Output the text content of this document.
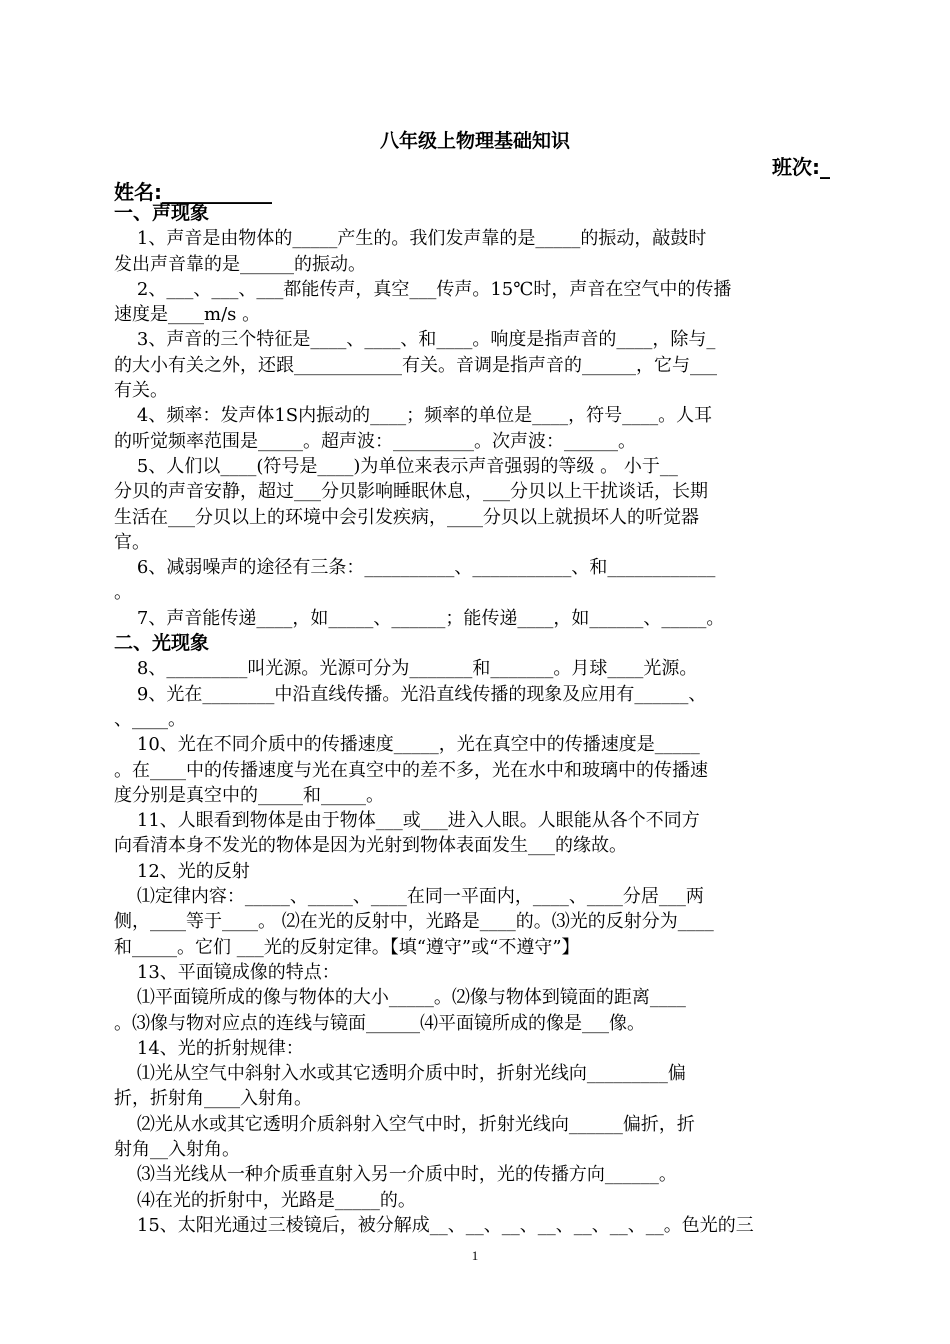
八年级上物理基础知识
班次:_
姓名:___________

一、声现象

1、声音是由物体的_____产生的。我们发声靠的是_____的振动，敲鼓时

发出声音靠的是______的振动。

2、___、___、___都能传声，真空___传声。15℃时，声音在空气中的传播

速度是____m/s 。

3、声音的三个特征是____、____、和____。响度是指声音的____，除与_

的大小有关之外，还跟____________有关。音调是指声音的______，它与___

有关。

4、频率：发声体1S内振动的____；频率的单位是____，符号____。人耳

的听觉频率范围是_____。超声波：_________。次声波：______。

5、人们以____(符号是____)为单位来表示声音强弱的等级 。 小于__

分贝的声音安静，超过___分贝影响睡眠休息，___分贝以上干扰谈话，长期

生活在___分贝以上的环境中会引发疾病，____分贝以上就损坏人的听觉器

官。

6、减弱噪声的途径有三条：__________、___________、和____________

。

7、声音能传递____，如_____、______；能传递____，如______、_____。

二、光现象

8、_________叫光源。光源可分为_______和_______。月球____光源。

9、光在________中沿直线传播。光沿直线传播的现象及应用有______、

、____。

10、光在不同介质中的传播速度_____，光在真空中的传播速度是_____

。在____中的传播速度与光在真空中的差不多，光在水中和玻璃中的传播速

度分别是真空中的_____和_____。

11、人眼看到物体是由于物体___或___进入人眼。人眼能从各个不同方

向看清本身不发光的物体是因为光射到物体表面发生___的缘故。

12、光的反射

⑴定律内容：_____、_____、____在同一平面内，____、____分居___两

侧，____等于____。 ⑵在光的反射中，光路是____的。⑶光的反射分为____

和_____。它们 ___光的反射定律。【填“遵守”或“不遵守”】

13、平面镜成像的特点：

⑴平面镜所成的像与物体的大小_____。⑵像与物体到镜面的距离____

。⑶像与物对应点的连线与镜面______⑷平面镜所成的像是___像。

14、光的折射规律：

⑴光从空气中斜射入水或其它透明介质中时，折射光线向_________偏

折，折射角____入射角。

⑵光从水或其它透明介质斜射入空气中时，折射光线向______偏折，折

射角__入射角。

⑶当光线从一种介质垂直射入另一介质中时，光的传播方向______。

⑷在光的折射中，光路是_____的。

15、太阳光通过三棱镜后，被分解成__、__、__、__、__、__、__。色光的三

1
